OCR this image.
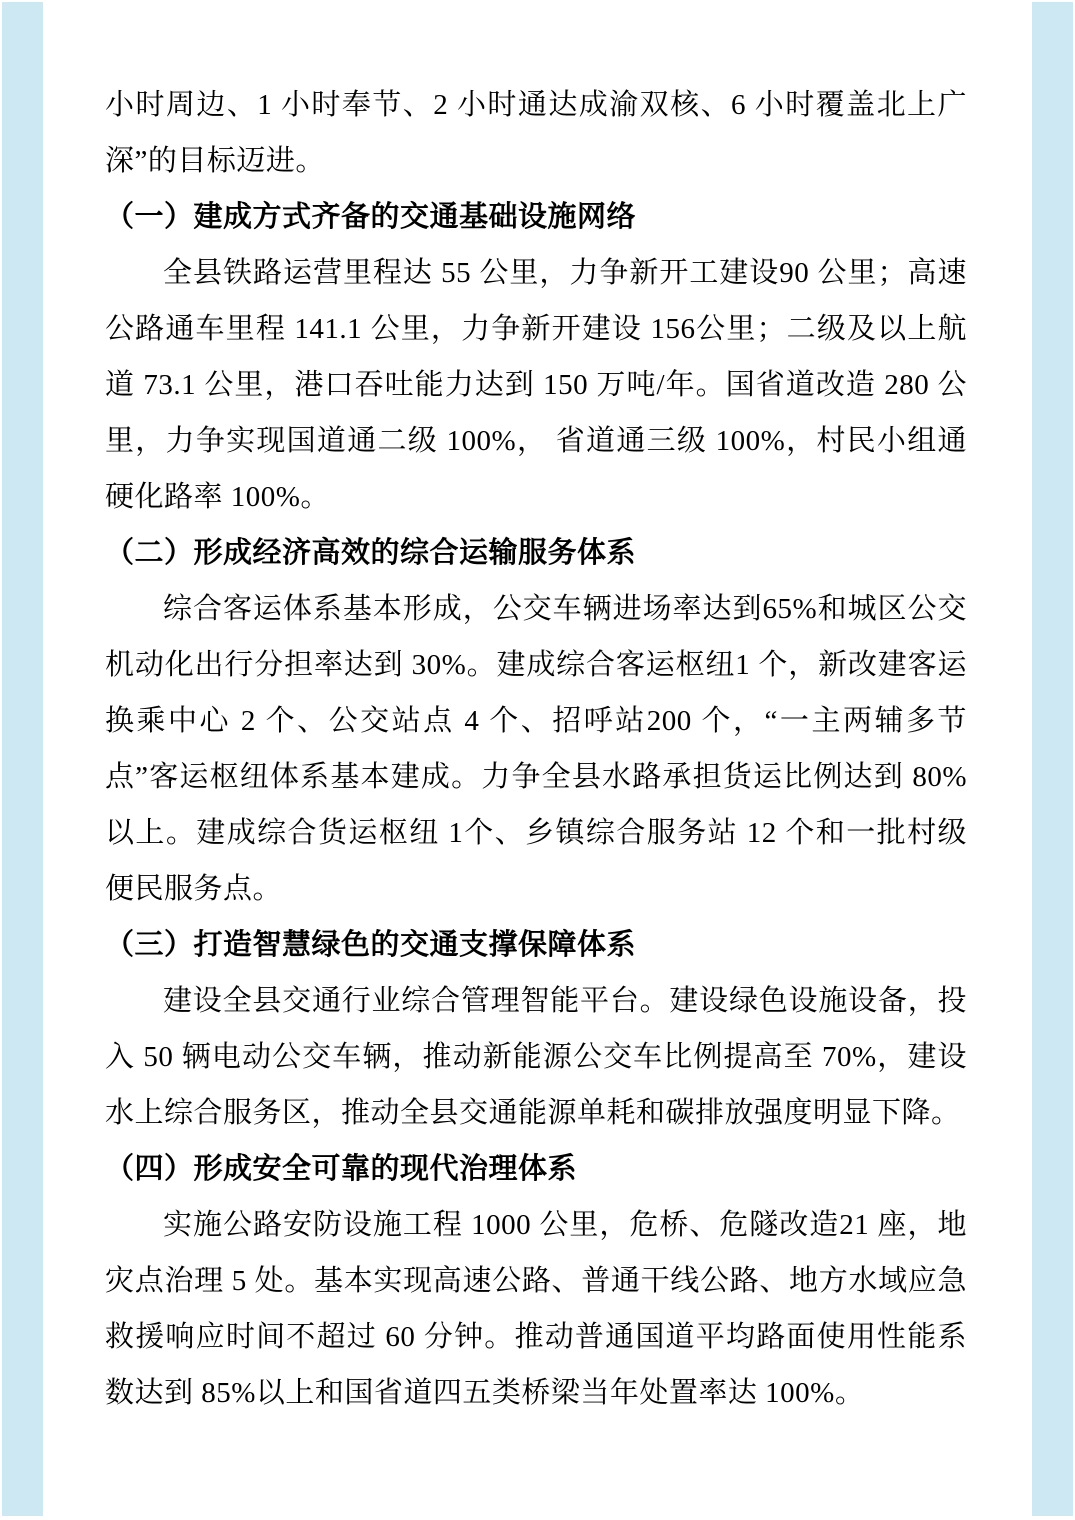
小时周边、1 小时奉节、2 小时通达成渝双核、6 小时覆盖北上广深”的目标迈进。

（一）建成方式齐备的交通基础设施网络

全县铁路运营里程达 55 公里，力争新开工建设90 公里；高速公路通车里程 141.1 公里，力争新开建设 156公里；二级及以上航道 73.1 公里，港口吞吐能力达到 150 万吨/年。国省道改造 280 公里，力争实现国道通二级 100%， 省道通三级 100%，村民小组通硬化路率 100%。

（二）形成经济高效的综合运输服务体系

综合客运体系基本形成，公交车辆进场率达到65%和城区公交机动化出行分担率达到 30%。建成综合客运枢纽1 个，新改建客运换乘中心 2 个、公交站点 4 个、招呼站200 个，“一主两辅多节点”客运枢纽体系基本建成。力争全县水路承担货运比例达到 80%以上。建成综合货运枢纽 1个、乡镇综合服务站 12 个和一批村级便民服务点。

（三）打造智慧绿色的交通支撑保障体系

建设全县交通行业综合管理智能平台。建设绿色设施设备，投入 50 辆电动公交车辆，推动新能源公交车比例提高至 70%，建设水上综合服务区，推动全县交通能源单耗和碳排放强度明显下降。

（四）形成安全可靠的现代治理体系

实施公路安防设施工程 1000 公里，危桥、危隧改造21 座，地灾点治理 5 处。基本实现高速公路、普通干线公路、地方水域应急救援响应时间不超过 60 分钟。推动普通国道平均路面使用性能系数达到 85%以上和国省道四五类桥梁当年处置率达 100%。
